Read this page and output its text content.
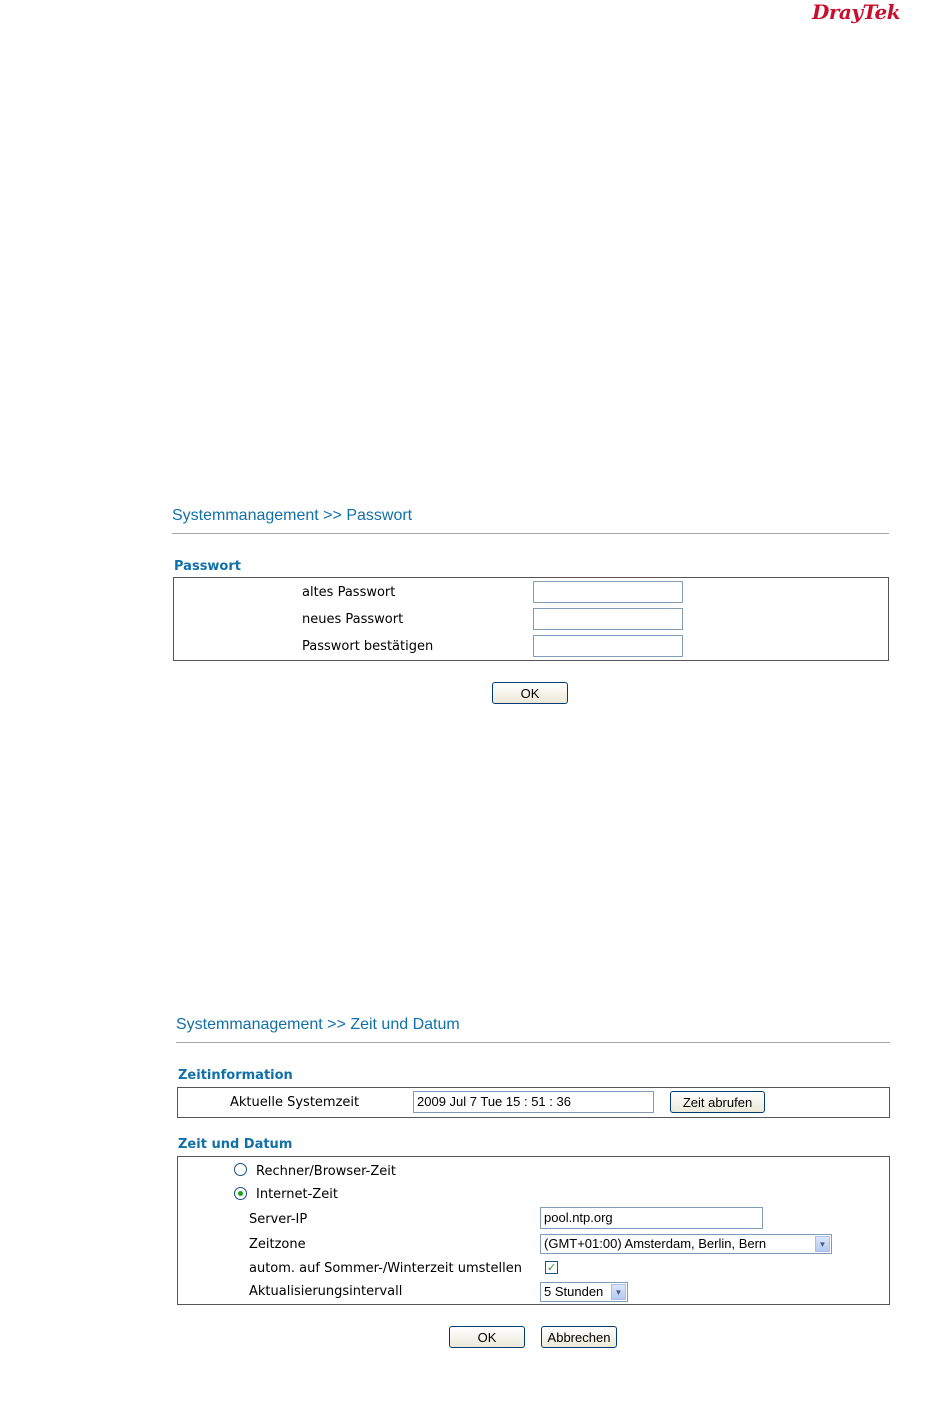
DrayTek
Systemmanagement >> Passwort
Passwort
altes Passwort
neues Passwort
Passwort bestätigen
OK
Systemmanagement >> Zeit und Datum
Zeitinformation
Aktuelle Systemzeit	2009 Jul 7 Tue 15 : 51 : 36	Zeit abrufen
Zeit und Datum
Rechner/Browser-Zeit
Internet-Zeit
Server-IP	pool.ntp.org
Zeitzone	(GMT+01:00) Amsterdam, Berlin, Bern	▼
autom. auf Sommer-/Winterzeit umstellen ✓
Aktualisierungsintervall	5 Stunden	▼
OK	Abbrechen
